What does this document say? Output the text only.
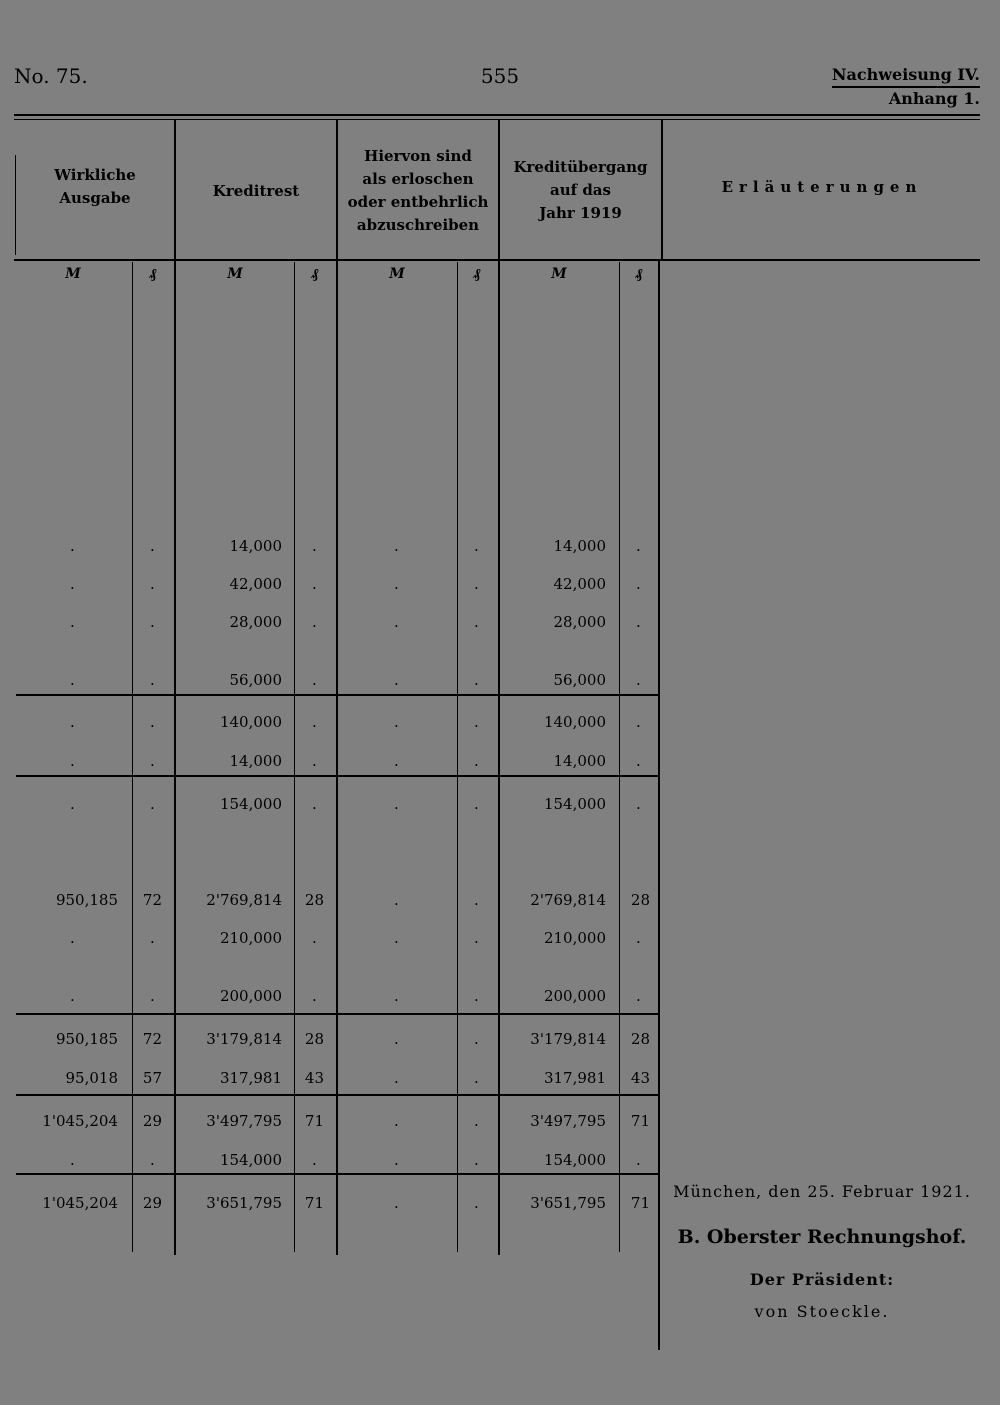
No. 75.	555	Nachweisung IV.
Anhang 1.
Wirkliche
Ausgabe	Kreditrest
Hiervon sind
als erloschen
oder entbehrlich
abzuschreiben
Kreditübergang
auf das
Jahr 1919
Erläuterungen
M	₰	M	₰	M	₰	M	₰
.	.	14,000 .	.	.	14,000 .
.	.	42,000 .	.	.	42,000 .
.	.	28,000 .	.	.	28,000 .
.	.	56,000 .	.	.	56,000 .
.	.	140,000 .	.	.	140,000 .
.	.	14,000 .	.	.	14,000 .
.	.	154,000 .	.	.	154,000 .
950,185 72	2'769,814 28	.	.	2'769,814 28
.	.	210,000 .	.	.	210,000 .
.	.	200,000 .	.	.	200,000 .
950,185 72	3'179,814 28	.	.	3'179,814 28
95,018 57	317,981 43	.	.	317,981 43
1'045,204 29	3'497,795 71	.	.	3'497,795 71
.	.	154,000 .	.	.	154,000 .
1'045,204 29	3'651,795 71	.	.	3'651,795 71
München, den 25. Februar 1921.
B. Oberster Rechnungshof.
Der Präsident:
von Stoeckle.
